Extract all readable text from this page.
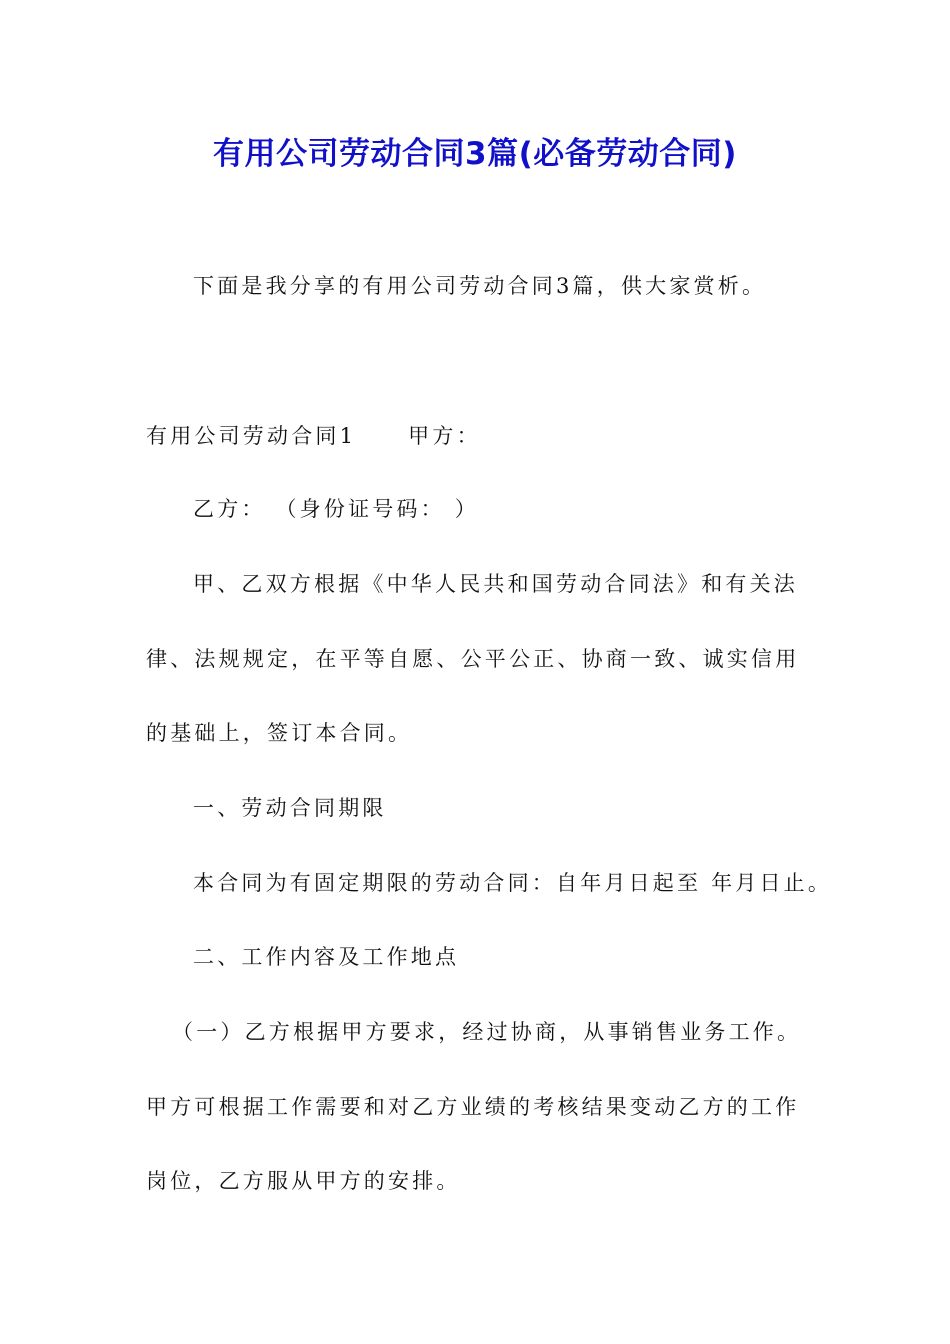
有用公司劳动合同3篇(必备劳动合同)
下面是我分享的有用公司劳动合同3篇，供大家赏析。
有用公司劳动合同1 甲方：
乙方： （身份证号码： ）
甲、乙双方根据《中华人民共和国劳动合同法》和有关法
律、法规规定，在平等自愿、公平公正、协商一致、诚实信用
的基础上，签订本合同。
一、劳动合同期限
本合同为有固定期限的劳动合同：自年月日起至 年月日止。
二、工作内容及工作地点
（一）乙方根据甲方要求，经过协商，从事销售业务工作。
甲方可根据工作需要和对乙方业绩的考核结果变动乙方的工作
岗位，乙方服从甲方的安排。
